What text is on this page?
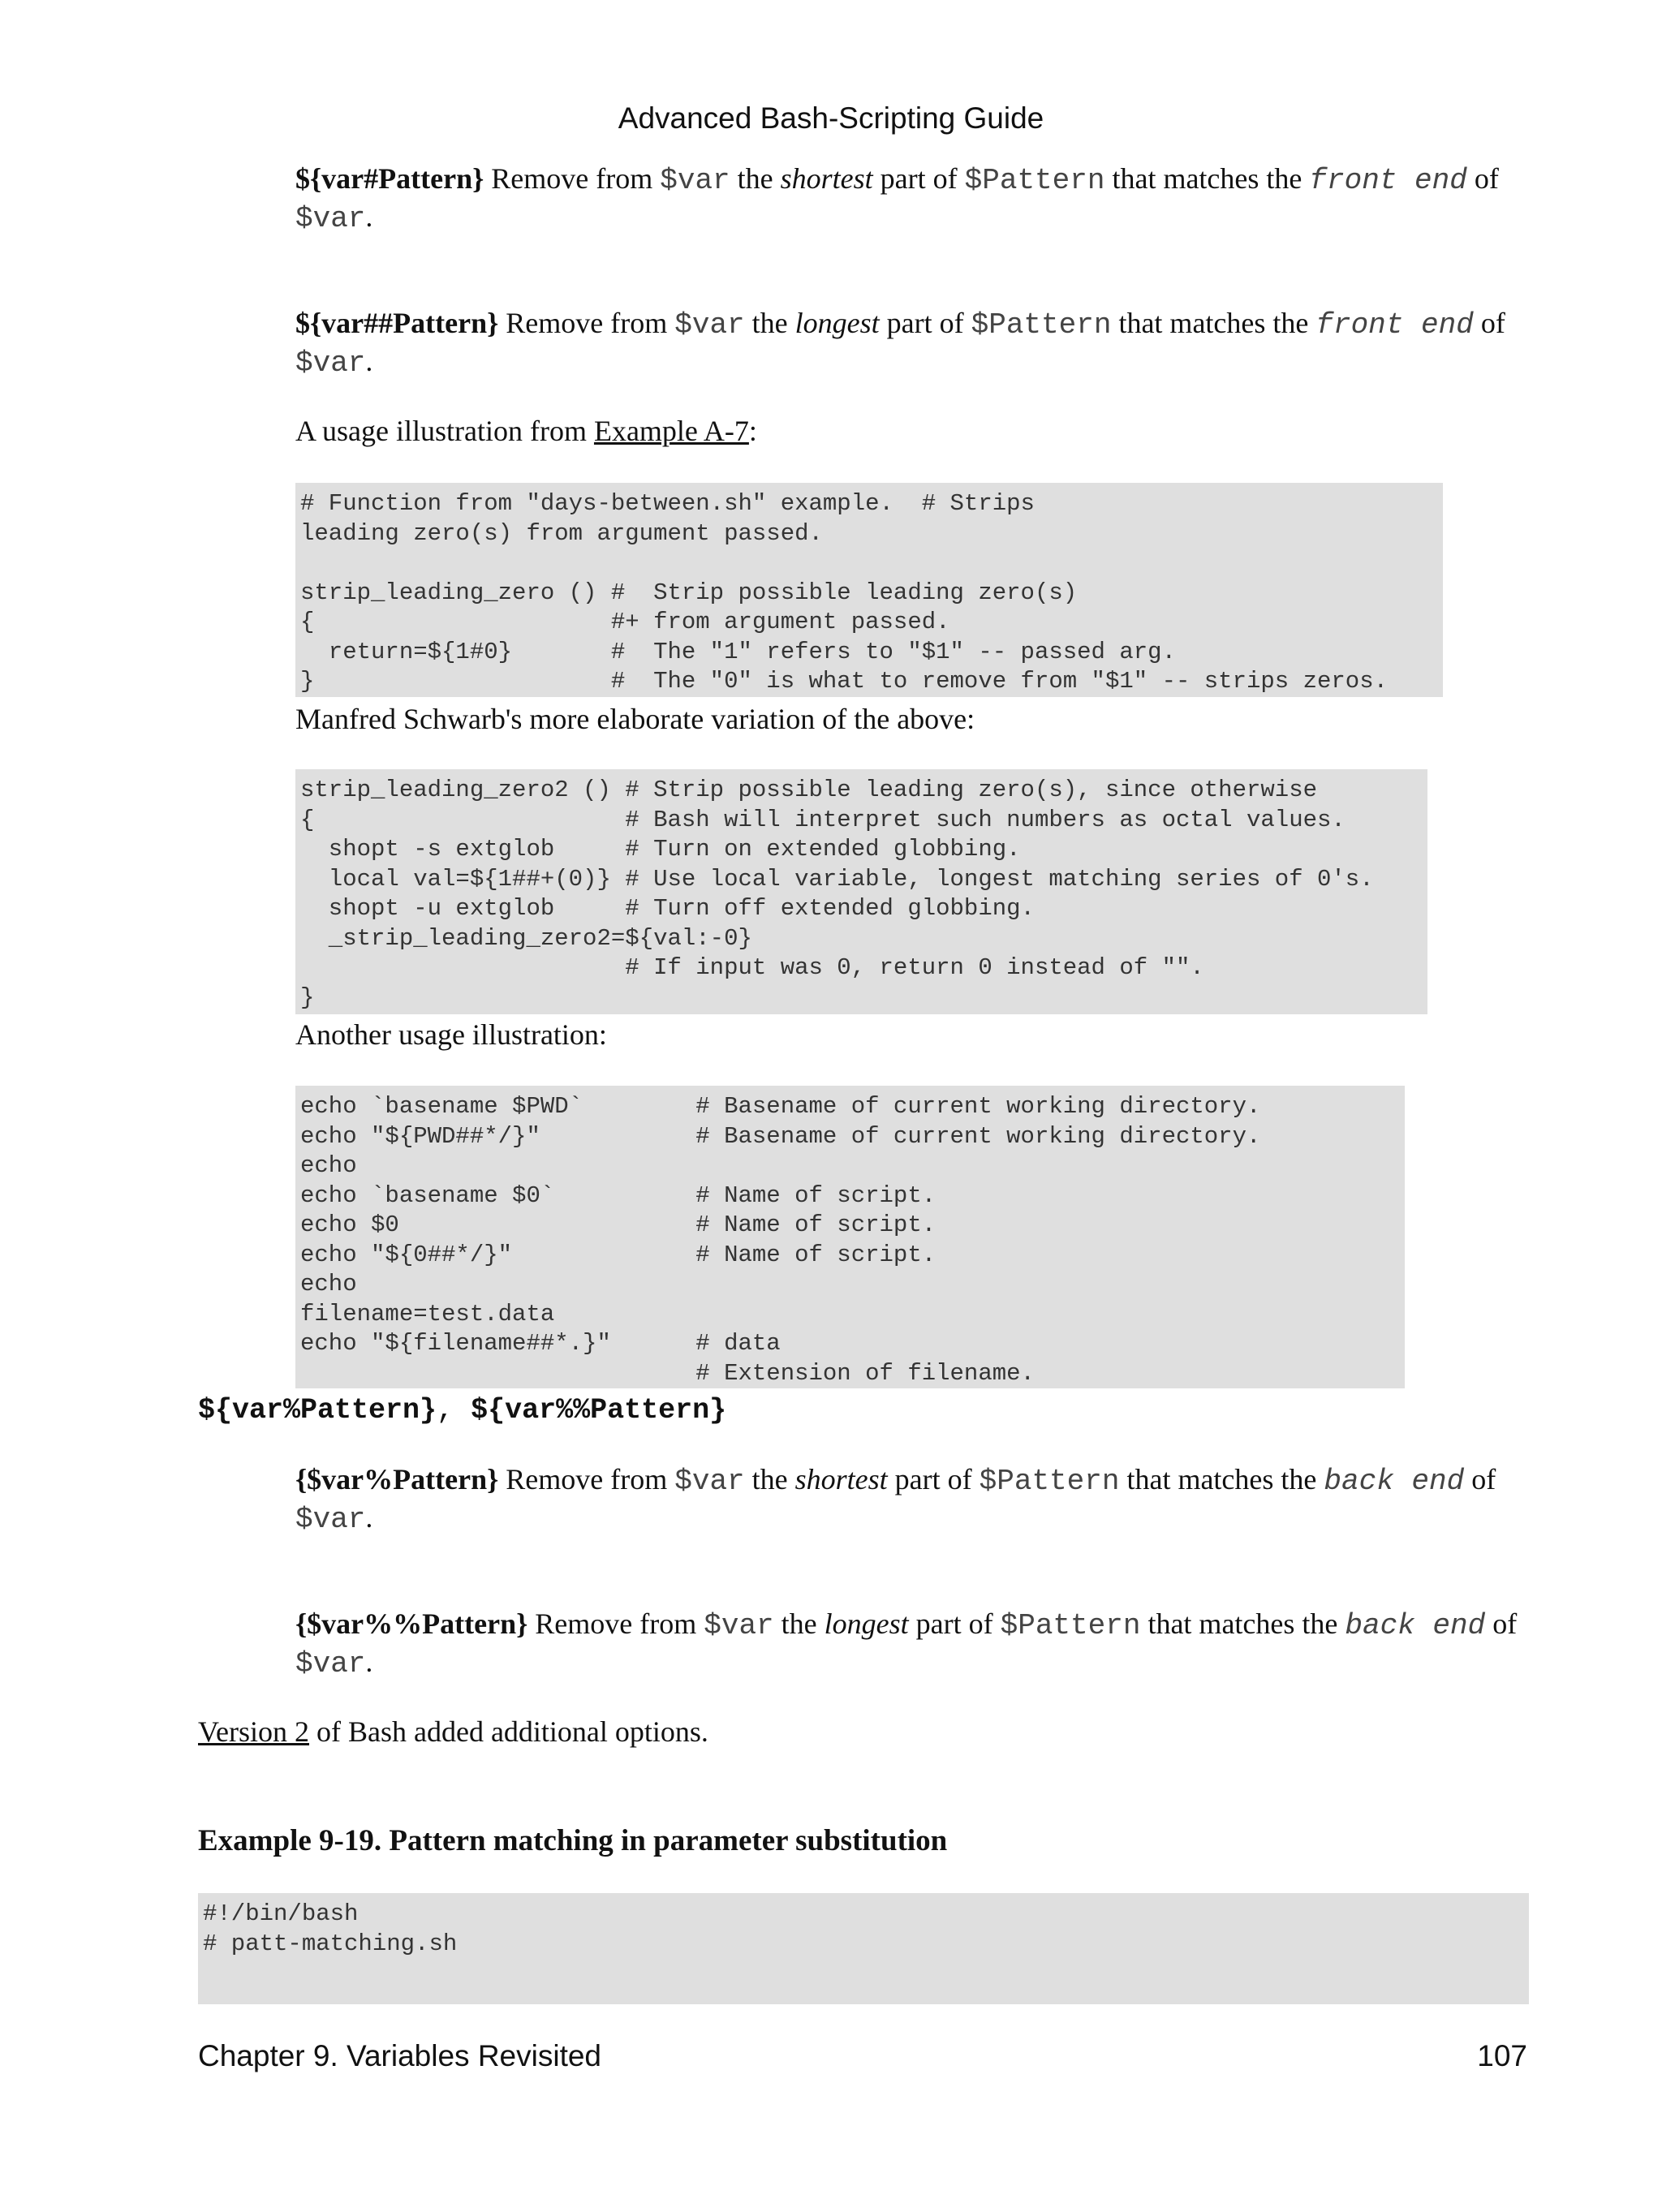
Advanced Bash-Scripting Guide

${var#Pattern} Remove from $var the shortest part of $Pattern that matches the front end of $var.

${var##Pattern} Remove from $var the longest part of $Pattern that matches the front end of $var.

A usage illustration from Example A-7:

# Function from "days-between.sh" example.  # Strips
leading zero(s) from argument passed.

strip_leading_zero () #  Strip possible leading zero(s)
{                     #+ from argument passed.
return=${1#0}       #  The "1" refers to "$1" -- passed arg.
}                     #  The "0" is what to remove from "$1" -- strips zeros.

Manfred Schwarb's more elaborate variation of the above:

strip_leading_zero2 () # Strip possible leading zero(s), since otherwise
{                      # Bash will interpret such numbers as octal values.
shopt -s extglob     # Turn on extended globbing.
local val=${1##+(0)} # Use local variable, longest matching series of 0's.
shopt -u extglob     # Turn off extended globbing.
_strip_leading_zero2=${val:-0}
# If input was 0, return 0 instead of "".
}

Another usage illustration:

echo `basename $PWD`        # Basename of current working directory.
echo "${PWD##*/}"           # Basename of current working directory.
echo
echo `basename $0`          # Name of script.
echo $0                     # Name of script.
echo "${0##*/}"             # Name of script.
echo
filename=test.data
echo "${filename##*.}"      # data
# Extension of filename.
${var%Pattern}, ${var%%Pattern}

{$var%Pattern} Remove from $var the shortest part of $Pattern that matches the back end of $var.

{$var%%Pattern} Remove from $var the longest part of $Pattern that matches the back end of $var.

Version 2 of Bash added additional options.

Example 9-19. Pattern matching in parameter substitution
#!/bin/bash
# patt-matching.sh
Chapter 9. Variables Revisited	107
